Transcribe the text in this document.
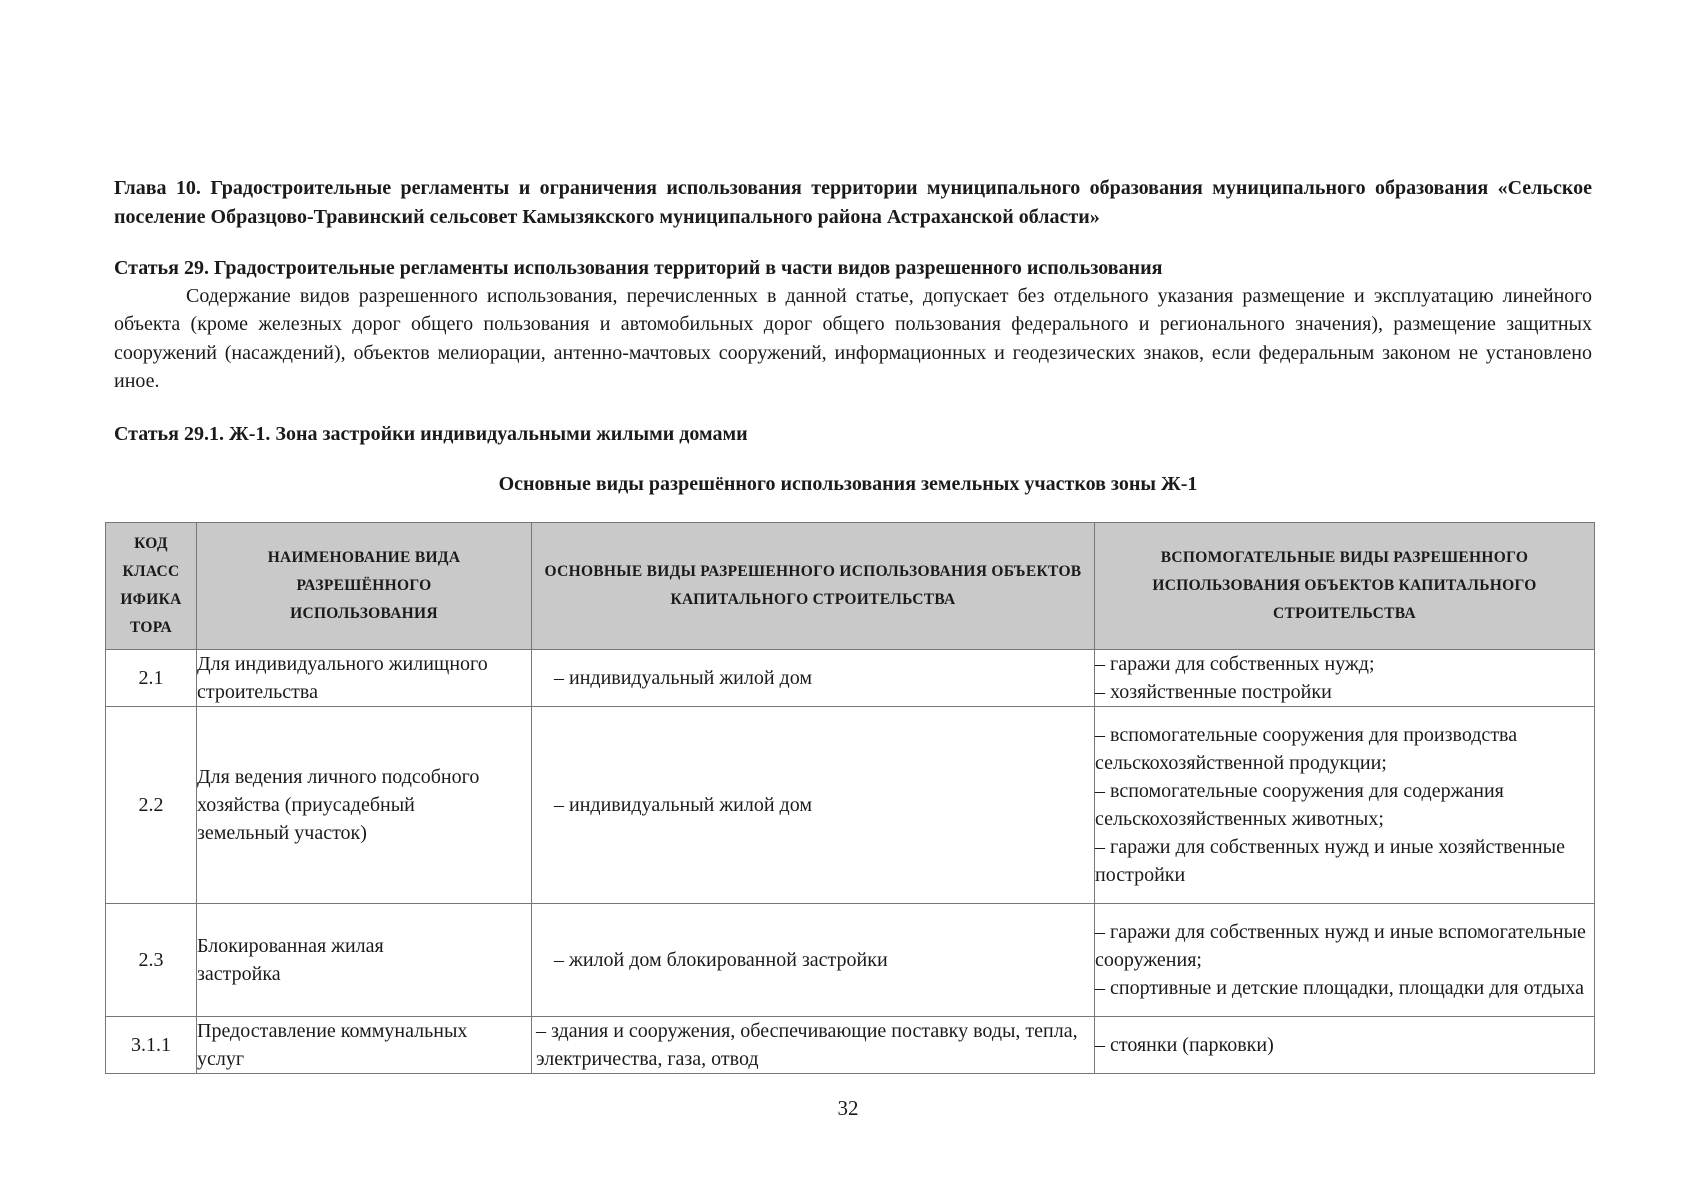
Глава 10. Градостроительные регламенты и ограничения использования территории муниципального образования муниципального образования «Сельское поселение Образцово-Травинский сельсовет Камызякского муниципального района Астраханской области»
Статья 29. Градостроительные регламенты использования территорий в части видов разрешенного использования
Содержание видов разрешенного использования, перечисленных в данной статье, допускает без отдельного указания размещение и эксплуатацию линейного объекта (кроме железных дорог общего пользования и автомобильных дорог общего пользования федерального и регионального значения), размещение защитных сооружений (насаждений), объектов мелиорации, антенно-мачтовых сооружений, информационных и геодезических знаков, если федеральным законом не установлено иное.
Статья 29.1. Ж-1. Зона застройки индивидуальными жилыми домами
Основные виды разрешённого использования земельных участков зоны Ж-1
КОД
КЛАСС
ИФИКА
ТОРА	НАИМЕНОВАНИЕ ВИДА РАЗРЕШЁННОГО ИСПОЛЬЗОВАНИЯ	ОСНОВНЫЕ ВИДЫ РАЗРЕШЕННОГО ИСПОЛЬЗОВАНИЯ ОБЪЕКТОВ КАПИТАЛЬНОГО СТРОИТЕЛЬСТВА	ВСПОМОГАТЕЛЬНЫЕ ВИДЫ РАЗРЕШЕННОГО ИСПОЛЬЗОВАНИЯ ОБЪЕКТОВ КАПИТАЛЬНОГО СТРОИТЕЛЬСТВА
2.1	Для индивидуального жилищного строительства	– индивидуальный жилой дом	– гаражи для собственных нужд;
– хозяйственные постройки

2.2	Для ведения личного подсобного хозяйства (приусадебный земельный участок)	– индивидуальный жилой дом	– вспомогательные сооружения для производства сельскохозяйственной продукции;
– вспомогательные сооружения для содержания сельскохозяйственных животных;
– гаражи для собственных нужд и иные хозяйственные постройки

2.3	Блокированная жилая застройка	– жилой дом блокированной застройки	– гаражи для собственных нужд и иные вспомогательные сооружения;
– спортивные и детские площадки, площадки для отдыха

3.1.1	Предоставление коммунальных услуг	– здания и сооружения, обеспечивающие поставку воды, тепла, электричества, газа, отвод	– стоянки (парковки)
32
